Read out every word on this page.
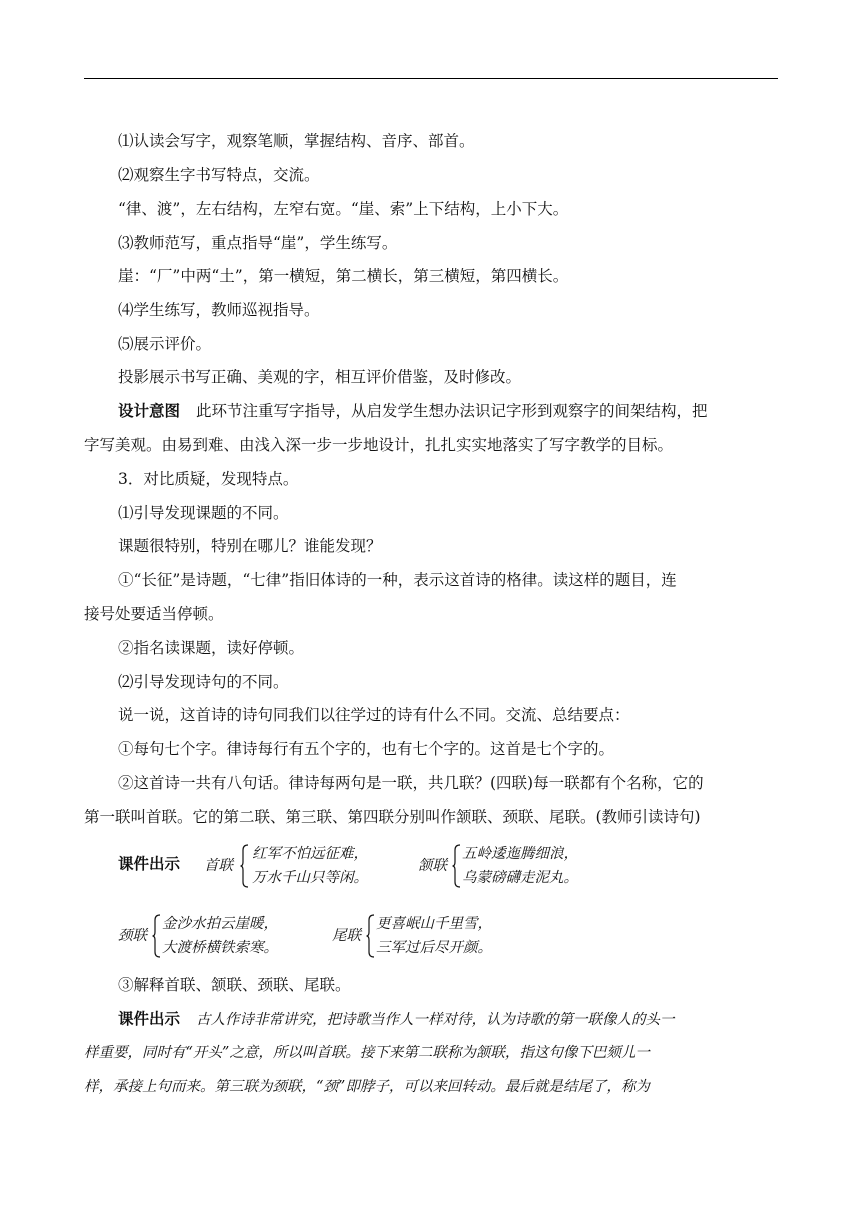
⑴认读会写字，观察笔顺，掌握结构、音序、部首。
⑵观察生字书写特点，交流。
“律、渡”，左右结构，左窄右宽。“崖、索”上下结构，上小下大。
⑶教师范写，重点指导“崖”，学生练写。
崖：“厂”中两“土”，第一横短，第二横长，第三横短，第四横长。
⑷学生练写，教师巡视指导。
⑸展示评价。
投影展示书写正确、美观的字，相互评价借鉴，及时修改。
设计意图 此环节注重写字指导，从启发学生想办法识记字形到观察字的间架结构，把
字写美观。由易到难、由浅入深一步一步地设计，扎扎实实地落实了写字教学的目标。
3．对比质疑，发现特点。
⑴引导发现课题的不同。
课题很特别，特别在哪儿？谁能发现？
①“长征”是诗题，“七律”指旧体诗的一种，表示这首诗的格律。读这样的题目，连
接号处要适当停顿。
②指名读课题，读好停顿。
⑵引导发现诗句的不同。
说一说，这首诗的诗句同我们以往学过的诗有什么不同。交流、总结要点：
①每句七个字。律诗每行有五个字的，也有七个字的。这首是七个字的。
②这首诗一共有八句话。律诗每两句是一联，共几联？(四联)每一联都有个名称，它的
第一联叫首联。它的第二联、第三联、第四联分别叫作颔联、颈联、尾联。(教师引读诗句)
课件出示 首联
红军不怕远征难，
万水千山只等闲。
颔联
五岭逶迤腾细浪，
乌蒙磅礴走泥丸。
颈联
金沙水拍云崖暖，
大渡桥横铁索寒。
尾联
更喜岷山千里雪，
三军过后尽开颜。
③解释首联、颔联、颈联、尾联。
课件出示 古人作诗非常讲究，把诗歌当作人一样对待，认为诗歌的第一联像人的头一
样重要，同时有“开头”之意，所以叫首联。接下来第二联称为颔联，指这句像下巴颏儿一
样，承接上句而来。第三联为颈联，“颈”即脖子，可以来回转动。最后就是结尾了，称为
